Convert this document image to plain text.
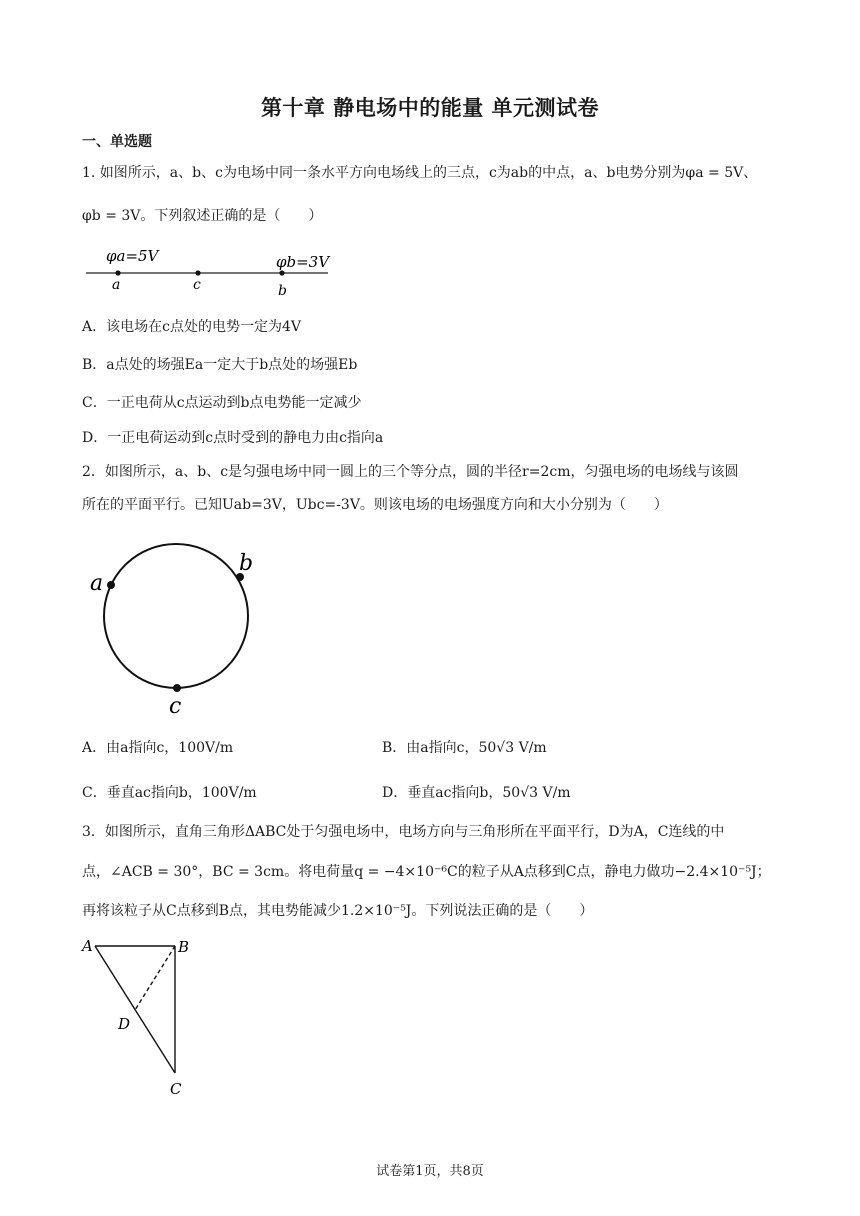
第十章 静电场中的能量 单元测试卷
一、单选题
1. 如图所示，a、b、c为电场中同一条水平方向电场线上的三点，c为ab的中点，a、b电势分别为φa = 5V、
φb = 3V。下列叙述正确的是（　　）
φa=5V	φb=3V
a	c	b
A．该电场在c点处的电势一定为4V
B．a点处的场强Ea一定大于b点处的场强Eb
C．一正电荷从c点运动到b点电势能一定减少
D．一正电荷运动到c点时受到的静电力由c指向a
2．如图所示，a、b、c是匀强电场中同一圆上的三个等分点，圆的半径r=2cm，匀强电场的电场线与该圆
所在的平面平行。已知Uab=3V，Ubc=-3V。则该电场的电场强度方向和大小分别为（　　）
a
b
c
A．由a指向c，100V/m	B．由a指向c，50√3 V/m
C．垂直ac指向b，100V/m	D．垂直ac指向b，50√3 V/m
3．如图所示，直角三角形ΔABC处于匀强电场中，电场方向与三角形所在平面平行，D为A，C连线的中
点，∠ACB = 30°，BC = 3cm。将电荷量q = −4×10⁻⁶C的粒子从A点移到C点，静电力做功−2.4×10⁻⁵J；
再将该粒子从C点移到B点，其电势能减少1.2×10⁻⁵J。下列说法正确的是（　　）
A	B
D
C
试卷第1页，共8页
